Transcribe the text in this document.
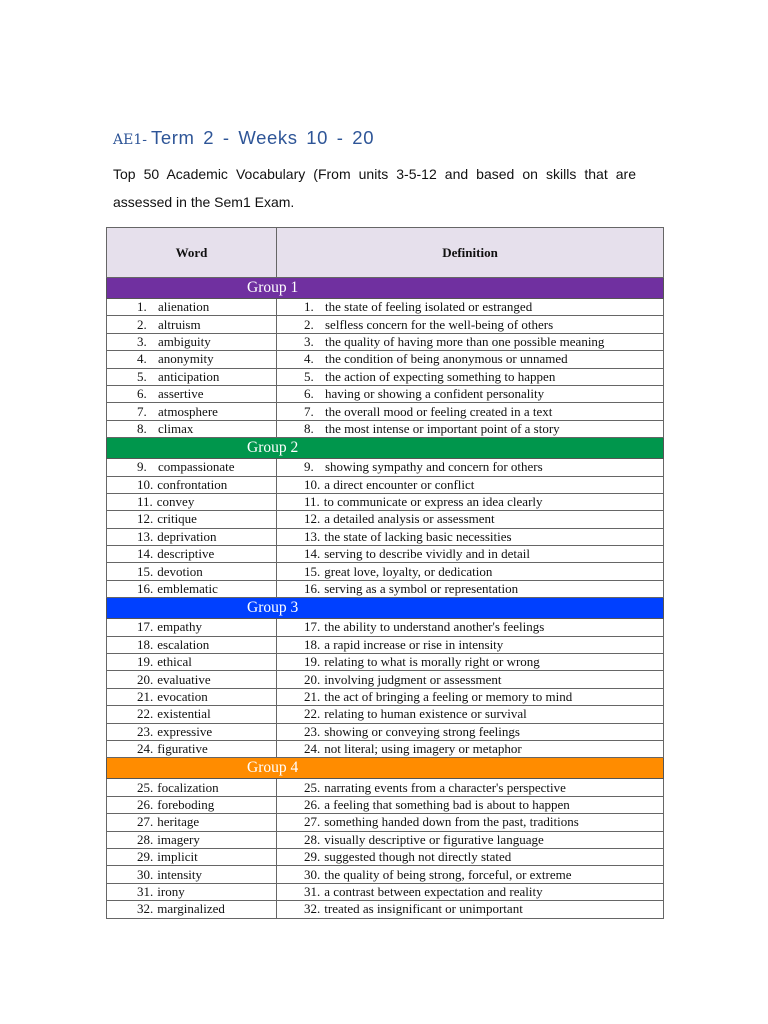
AE1- Term 2 - Weeks 10 - 20
Top 50 Academic Vocabulary (From units 3-5-12 and based on skills that are assessed in the Sem1 Exam.
Word	Definition
Group 1	
1. alienation	1. the state of feeling isolated or estranged
2. altruism	2. selfless concern for the well-being of others
3. ambiguity	3. the quality of having more than one possible meaning
4. anonymity	4. the condition of being anonymous or unnamed
5. anticipation	5. the action of expecting something to happen
6. assertive	6. having or showing a confident personality
7. atmosphere	7. the overall mood or feeling created in a text
8. climax	8. the most intense or important point of a story
Group 2	
9. compassionate	9. showing sympathy and concern for others
10. confrontation	10. a direct encounter or conflict
11. convey	11. to communicate or express an idea clearly
12. critique	12. a detailed analysis or assessment
13. deprivation	13. the state of lacking basic necessities
14. descriptive	14. serving to describe vividly and in detail
15. devotion	15. great love, loyalty, or dedication
16. emblematic	16. serving as a symbol or representation
Group 3	
17. empathy	17. the ability to understand another's feelings
18. escalation	18. a rapid increase or rise in intensity
19. ethical	19. relating to what is morally right or wrong
20. evaluative	20. involving judgment or assessment
21. evocation	21. the act of bringing a feeling or memory to mind
22. existential	22. relating to human existence or survival
23. expressive	23. showing or conveying strong feelings
24. figurative	24. not literal; using imagery or metaphor
Group 4	
25. focalization	25. narrating events from a character's perspective
26. foreboding	26. a feeling that something bad is about to happen
27. heritage	27. something handed down from the past, traditions
28. imagery	28. visually descriptive or figurative language
29. implicit	29. suggested though not directly stated
30. intensity	30. the quality of being strong, forceful, or extreme
31. irony	31. a contrast between expectation and reality
32. marginalized	32. treated as insignificant or unimportant
